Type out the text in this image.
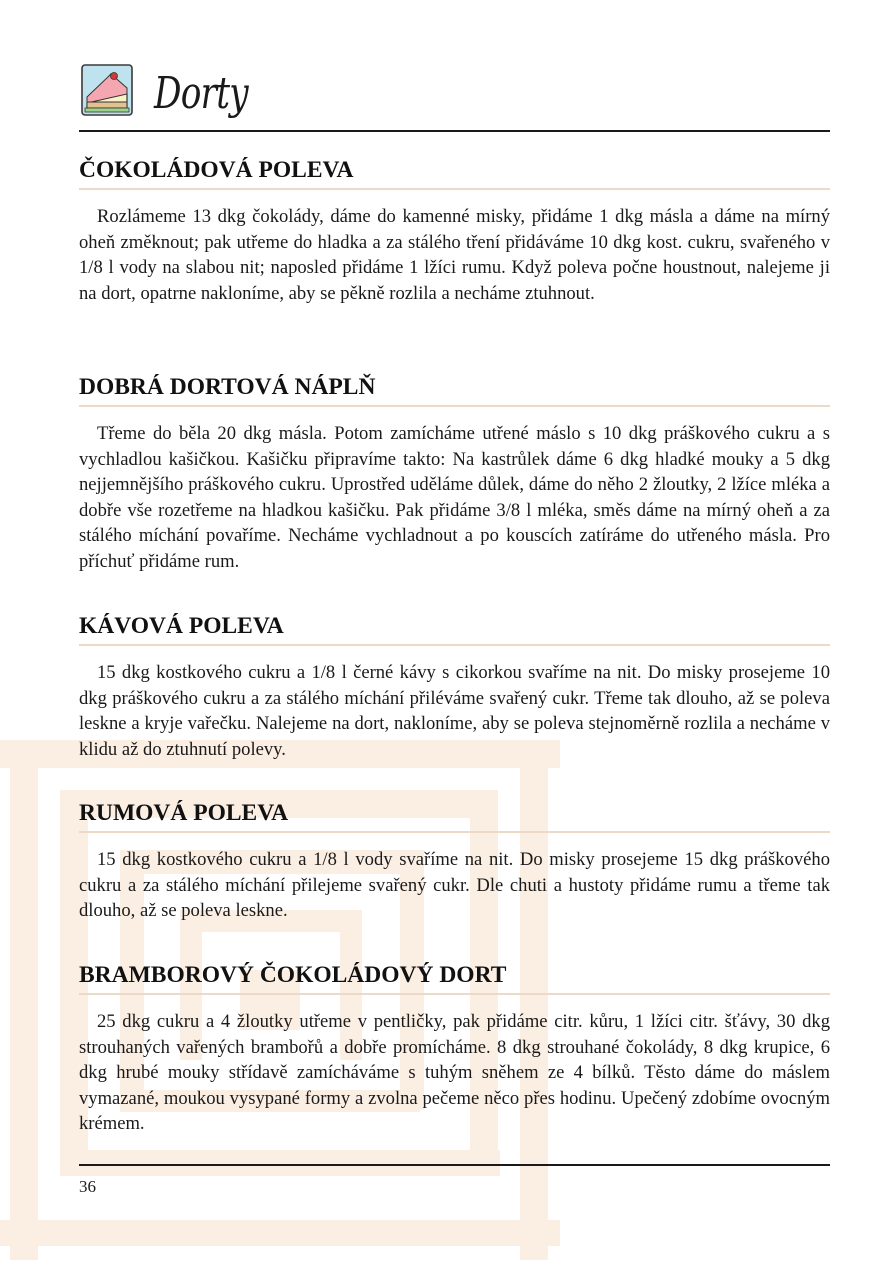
Dorty
ČOKOLÁDOVÁ POLEVA

Rozlámeme 13 dkg čokolády, dáme do kamenné misky, přidáme 1 dkg másla a dáme na mírný oheň změknout; pak utřeme do hladka a za stálého tření přidáváme 10 dkg kost. cukru, svařeného v 1/8 l vody na slabou nit; naposled přidáme 1 lžíci rumu. Když poleva počne houstnout, nalejeme ji na dort, opatrne nakloníme, aby se pěkně rozlila a necháme ztuhnout.

DOBRÁ DORTOVÁ NÁPLŇ

Třeme do běla 20 dkg másla. Potom zamícháme utřené máslo s 10 dkg práškového cukru a s vychladlou kašičkou. Kašičku připravíme takto: Na kastrůlek dáme 6 dkg hladké mouky a 5 dkg nejjemnějšího práškového cukru. Uprostřed uděláme důlek, dáme do něho 2 žloutky, 2 lžíce mléka a dobře vše rozetřeme na hladkou kašičku. Pak přidáme 3/8 l mléka, směs dáme na mírný oheň a za stálého míchání povaříme. Necháme vychladnout a po kouscích zatíráme do utřeného másla. Pro příchuť přidáme rum.

KÁVOVÁ POLEVA

15 dkg kostkového cukru a 1/8 l černé kávy s cikorkou svaříme na nit. Do misky prosejeme 10 dkg práškového cukru a za stálého míchání přiléváme svařený cukr. Třeme tak dlouho, až se poleva leskne a kryje vařečku. Nalejeme na dort, nakloníme, aby se poleva stejnoměrně rozlila a necháme v klidu až do ztuhnutí polevy.

RUMOVÁ POLEVA

15 dkg kostkového cukru a 1/8 l vody svaříme na nit. Do misky prosejeme 15 dkg práškového cukru a za stálého míchání přilejeme svařený cukr. Dle chuti a hustoty přidáme rumu a třeme tak dlouho, až se poleva leskne.

BRAMBOROVÝ ČOKOLÁDOVÝ DORT

25 dkg cukru a 4 žloutky utřeme v pentličky, pak přidáme citr. kůru, 1 lžíci citr. šťávy, 30 dkg strouhaných vařených brambořů a dobře promícháme. 8 dkg strouhané čokolády, 8 dkg krupice, 6 dkg hrubé mouky střídavě zamícháváme s tuhým sněhem ze 4 bílků. Těsto dáme do máslem vymazané, moukou vysypané formy a zvolna pečeme něco přes hodinu. Upečený zdobíme ovocným krémem.

36
